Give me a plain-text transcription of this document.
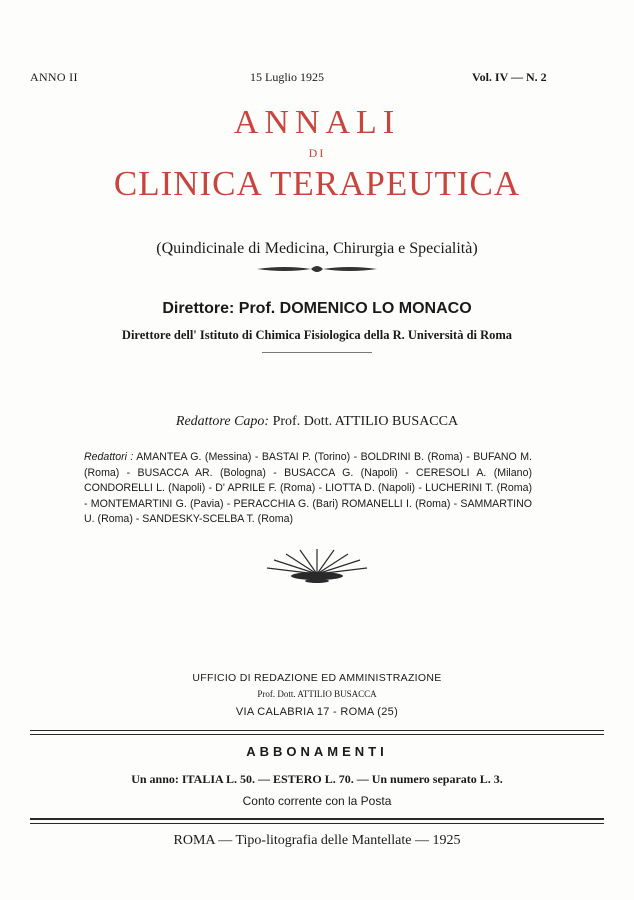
ANNO II	15 Luglio 1925	Vol. IV — N. 2
ANNALI
DI
CLINICA TERAPEUTICA
(Quindicinale di Medicina, Chirurgia e Specialità)
Direttore: Prof. DOMENICO LO MONACO
Direttore dell' Istituto di Chimica Fisiologica della R. Università di Roma
Redattore Capo: Prof. Dott. ATTILIO BUSACCA
Redattori : AMANTEA G. (Messina) - BASTAI P. (Torino) - BOLDRINI B. (Roma) - BUFANO M. (Roma) - BUSACCA AR. (Bologna) - BUSACCA G. (Napoli) - CERESOLI A. (Milano) CONDORELLI L. (Napoli) - D' APRILE F. (Roma) - LIOTTA D. (Napoli) - LUCHERINI T. (Roma) - MONTEMARTINI G. (Pavia) - PERACCHIA G. (Bari) ROMANELLI I. (Roma) - SAMMARTINO U. (Roma) - SANDESKY-SCELBA T. (Roma)
UFFICIO DI REDAZIONE ED AMMINISTRAZIONE
Prof. Dott. ATTILIO BUSACCA
VIA CALABRIA 17 - ROMA (25)
ABBONAMENTI
Un anno: ITALIA L. 50. — ESTERO L. 70. — Un numero separato L. 3.
Conto corrente con la Posta
ROMA — Tipo-litografia delle Mantellate — 1925
